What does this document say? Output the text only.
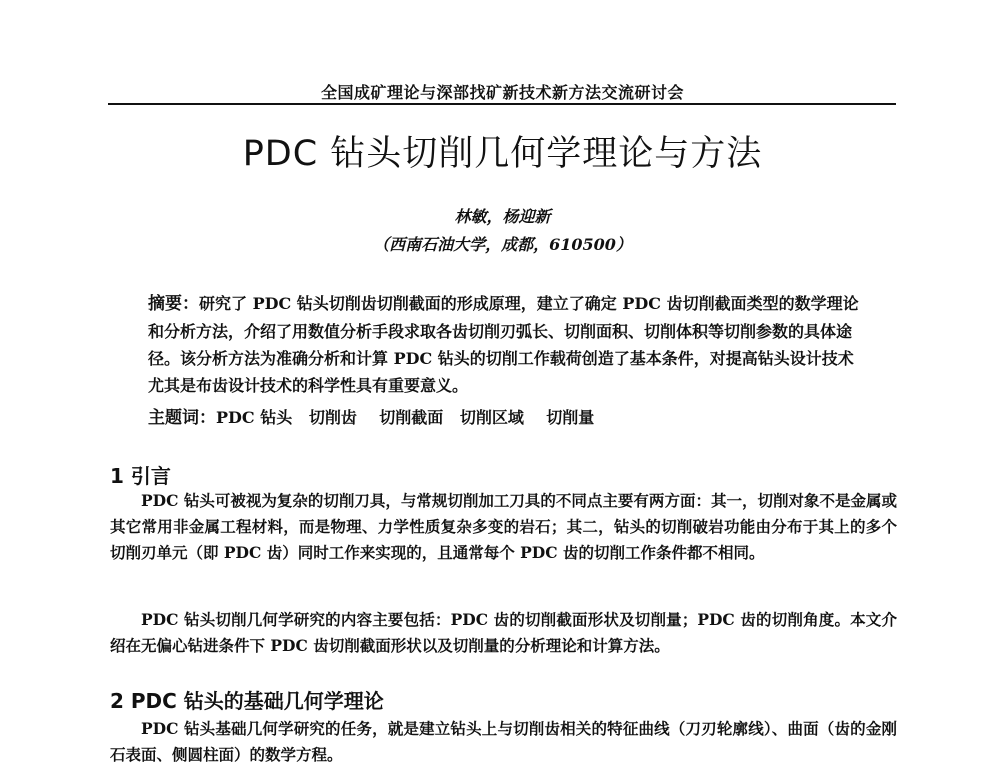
全国成矿理论与深部找矿新技术新方法交流研讨会
PDC 钻头切削几何学理论与方法
林敏，杨迎新
（西南石油大学，成都，610500）
摘要：研究了 PDC 钻头切削齿切削截面的形成原理，建立了确定 PDC 齿切削截面类型的数学理论和分析方法，介绍了用数值分析手段求取各齿切削刃弧长、切削面积、切削体积等切削参数的具体途径。该分析方法为准确分析和计算 PDC 钻头的切削工作载荷创造了基本条件，对提高钻头设计技术尤其是布齿设计技术的科学性具有重要意义。
主题词：PDC 钻头   切削齿    切削截面   切削区域    切削量
1 引言
PDC 钻头可被视为复杂的切削刀具，与常规切削加工刀具的不同点主要有两方面：其一，切削对象不是金属或其它常用非金属工程材料，而是物理、力学性质复杂多变的岩石；其二，钻头的切削破岩功能由分布于其上的多个切削刃单元（即 PDC 齿）同时工作来实现的，且通常每个 PDC 齿的切削工作条件都不相同。
PDC 钻头切削几何学研究的内容主要包括：PDC 齿的切削截面形状及切削量；PDC 齿的切削角度。本文介绍在无偏心钻进条件下 PDC 齿切削截面形状以及切削量的分析理论和计算方法。
2 PDC 钻头的基础几何学理论
PDC 钻头基础几何学研究的任务，就是建立钻头上与切削齿相关的特征曲线（刀刃轮廓线）、曲面（齿的金刚石表面、侧圆柱面）的数学方程。
